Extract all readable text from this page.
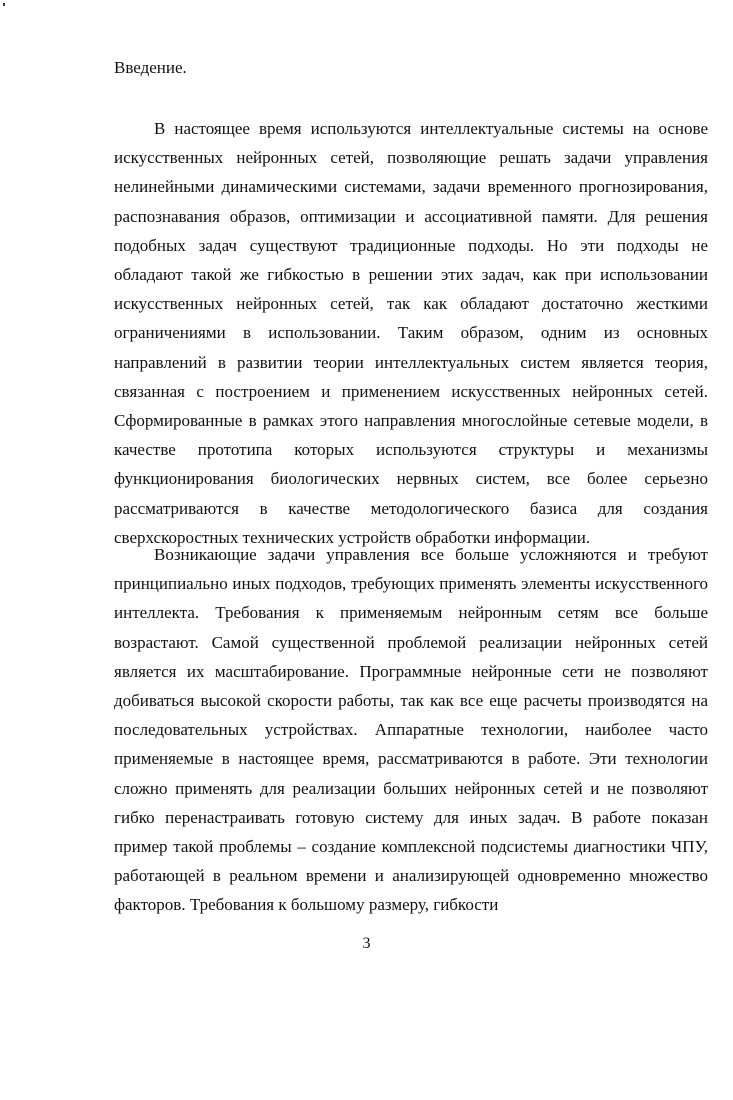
Введение.

В настоящее время используются интеллектуальные системы на основе искусственных нейронных сетей, позволяющие решать задачи управления нелинейными динамическими системами, задачи временного прогнозирования, распознавания образов, оптимизации и ассоциативной памяти. Для решения подобных задач существуют традиционные подходы. Но эти подходы не обладают такой же гибкостью в решении этих задач, как при использовании искусственных нейронных сетей, так как обладают достаточно жесткими ограничениями в использовании. Таким образом, одним из основных направлений в развитии теории интеллектуальных систем является теория, связанная с построением и применением искусственных нейронных сетей. Сформированные в рамках этого направления многослойные сетевые модели, в качестве прототипа которых используются структуры и механизмы функционирования биологических нервных систем, все более серьезно рассматриваются в качестве методологического базиса для создания сверхскоростных технических устройств обработки информации.

Возникающие задачи управления все больше усложняются и требуют принципиально иных подходов, требующих применять элементы искусственного интеллекта. Требования к применяемым нейронным сетям все больше возрастают. Самой существенной проблемой реализации нейронных сетей является их масштабирование. Программные нейронные сети не позволяют добиваться высокой скорости работы, так как все еще расчеты производятся на последовательных устройствах. Аппаратные технологии, наиболее часто применяемые в настоящее время, рассматриваются в работе. Эти технологии сложно применять для реализации больших нейронных сетей и не позволяют гибко перенастраивать готовую систему для иных задач. В работе показан пример такой проблемы – создание комплексной подсистемы диагностики ЧПУ, работающей в реальном времени и анализирующей одновременно множество факторов. Требования к большому размеру, гибкости

3
